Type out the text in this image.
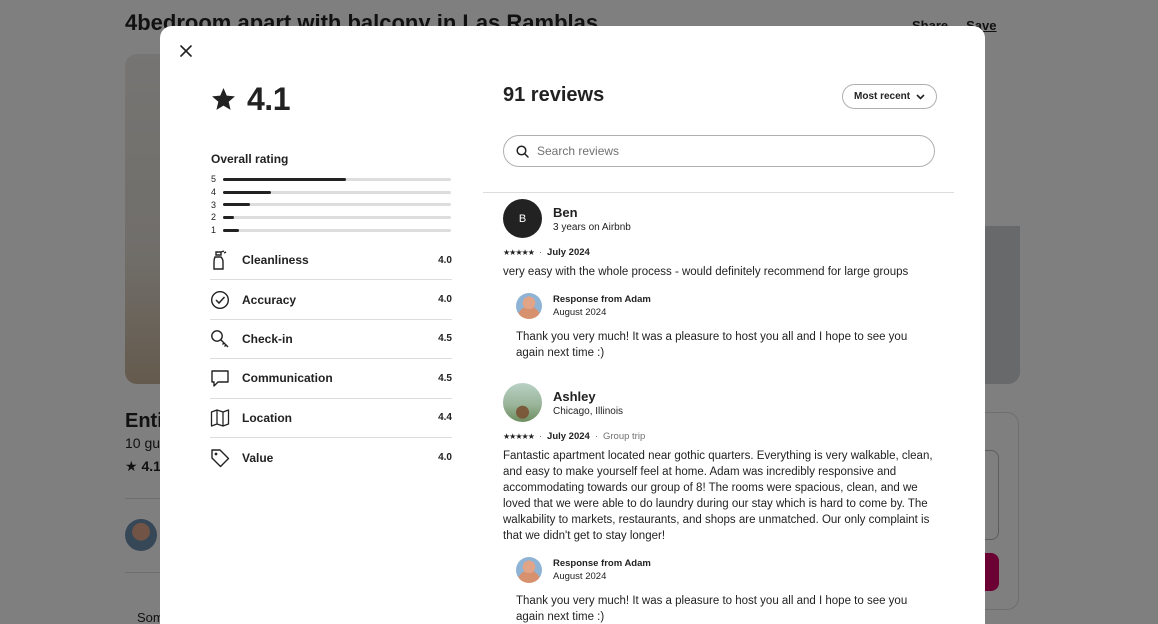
4.1
Overall rating
5
4
3
2
1
Cleanliness	4.0
Accuracy	4.0
Check-in	4.5
Communication	4.5
Location	4.4
Value	4.0
91 reviews	Most recent
Search reviews
B	Ben
3 years on Airbnb
★★★★★ · July 2024
very easy with the whole process - would definitely recommend for large groups
Response from Adam
August 2024
Thank you very much! It was a pleasure to host you all and I hope to see you again next time :)
Ashley
Chicago, Illinois
★★★★★ · July 2024 · Group trip
Fantastic apartment located near gothic quarters. Everything is very walkable, clean, and easy to make yourself feel at home. Adam was incredibly responsive and accommodating towards our group of 8! The rooms were spacious, clean, and we loved that we were able to do laundry during our stay which is hard to come by. The walkability to markets, restaurants, and shops are unmatched. Our only complaint is that we didn't get to stay longer!
Response from Adam
August 2024
Thank you very much! It was a pleasure to host you all and I hope to see you again next time :)
